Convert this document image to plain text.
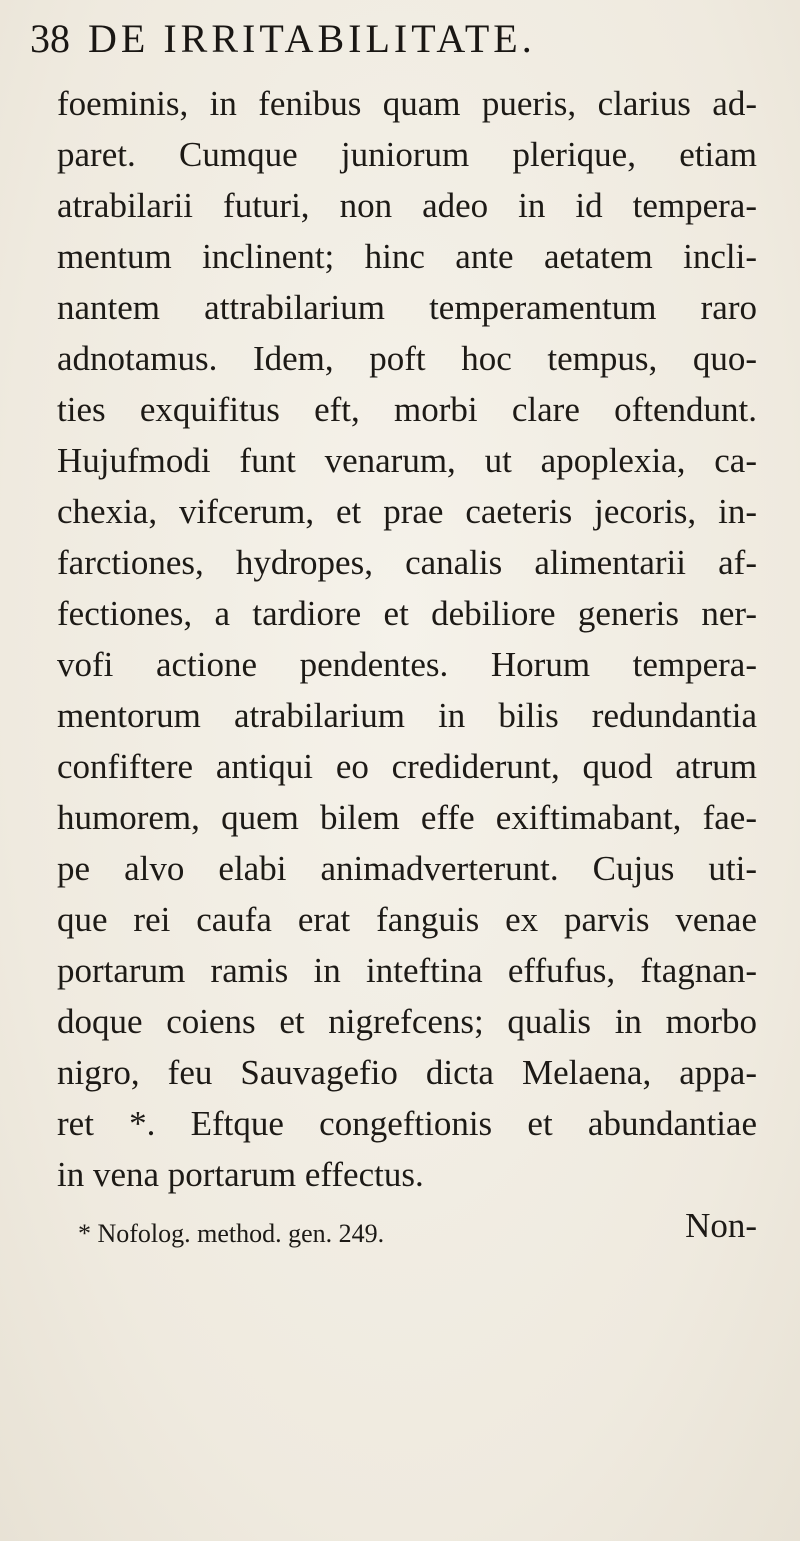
38 DE IRRITABILITATE.
foeminis, in fenibus quam pueris, clarius ad-
paret. Cumque juniorum plerique, etiam
atrabilarii futuri, non adeo in id tempera-
mentum inclinent; hinc ante aetatem incli-
nantem attrabilarium temperamentum raro
adnotamus. Idem, poft hoc tempus, quo-
ties exquifitus eft, morbi clare oftendunt.
Hujufmodi funt venarum, ut apoplexia, ca-
chexia, vifcerum, et prae caeteris jecoris, in-
farctiones, hydropes, canalis alimentarii af-
fectiones, a tardiore et debiliore generis ner-
vofi actione pendentes. Horum tempera-
mentorum atrabilarium in bilis redundantia
confiftere antiqui eo crediderunt, quod atrum
humorem, quem bilem effe exiftimabant, fae-
pe alvo elabi animadverterunt. Cujus uti-
que rei caufa erat fanguis ex parvis venae
portarum ramis in inteftina effufus, ftagnan-
doque coiens et nigrefcens; qualis in morbo
nigro, feu Sauvagefio dicta Melaena, appa-
ret *. Eftque congeftionis et abundantiae
in vena portarum effectus.
Non-
* Nofolog. method. gen. 249.
